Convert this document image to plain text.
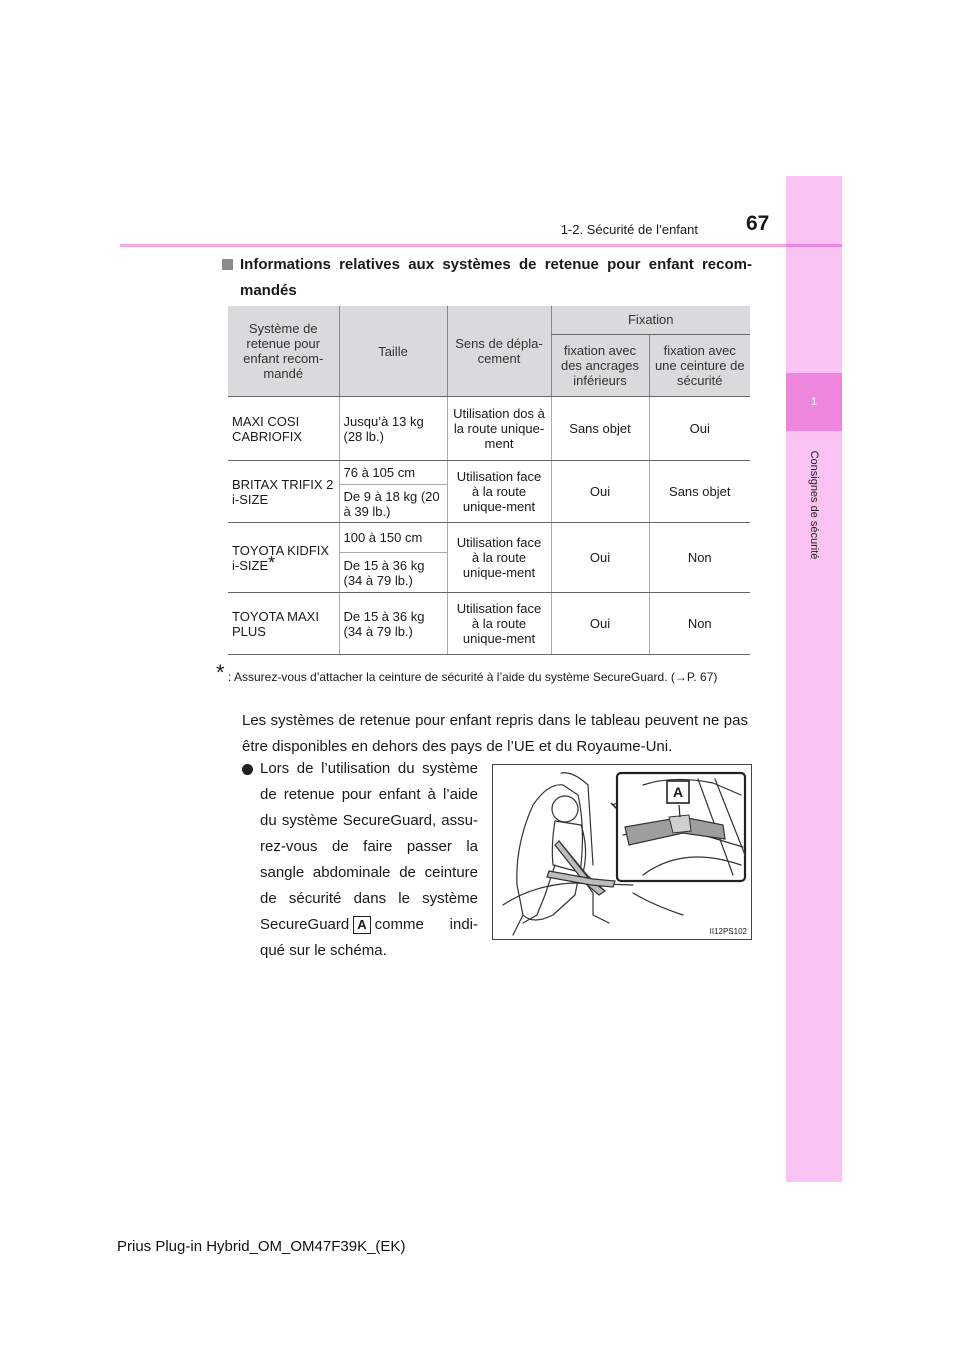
1
Consignes de sécurité
1-2. Sécurité de l’enfant 67
Informations relatives aux systèmes de retenue pour enfant recom-mandés
Système de retenue pour enfant recom-mandé	Taille	Sens de dépla-cement	Fixation	
			fixation avec des ancrages inférieurs	fixation avec une ceinture de sécurité
MAXI COSI CABRIOFIX	Jusqu’à 13 kg (28 lb.)	Utilisation dos à la route unique-ment	Sans objet	Oui
BRITAX TRIFIX 2 i-SIZE	76 à 105 cm	Utilisation face à la route unique-ment	Oui	Sans objet
	De 9 à 18 kg (20 à 39 lb.)			
TOYOTA KIDFIX i-SIZE*	100 à 150 cm	Utilisation face à la route unique-ment	Oui	Non
	De 15 à 36 kg (34 à 79 lb.)			
TOYOTA MAXI PLUS	De 15 à 36 kg (34 à 79 lb.)	Utilisation face à la route unique-ment	Oui	Non
* : Assurez-vous d’attacher la ceinture de sécurité à l’aide du système SecureGuard. (→P. 67)
Les systèmes de retenue pour enfant repris dans le tableau peuvent ne pas être disponibles en dehors des pays de l’UE et du Royaume-Uni.
Lors de l’utilisation du système de retenue pour enfant à l’aide du système SecureGuard, assu-rez-vous de faire passer la sangle abdominale de ceinture de sécurité dans le système SecureGuard A comme indi-qué sur le schéma.
A
II12PS102
Prius Plug-in Hybrid_OM_OM47F39K_(EK)
